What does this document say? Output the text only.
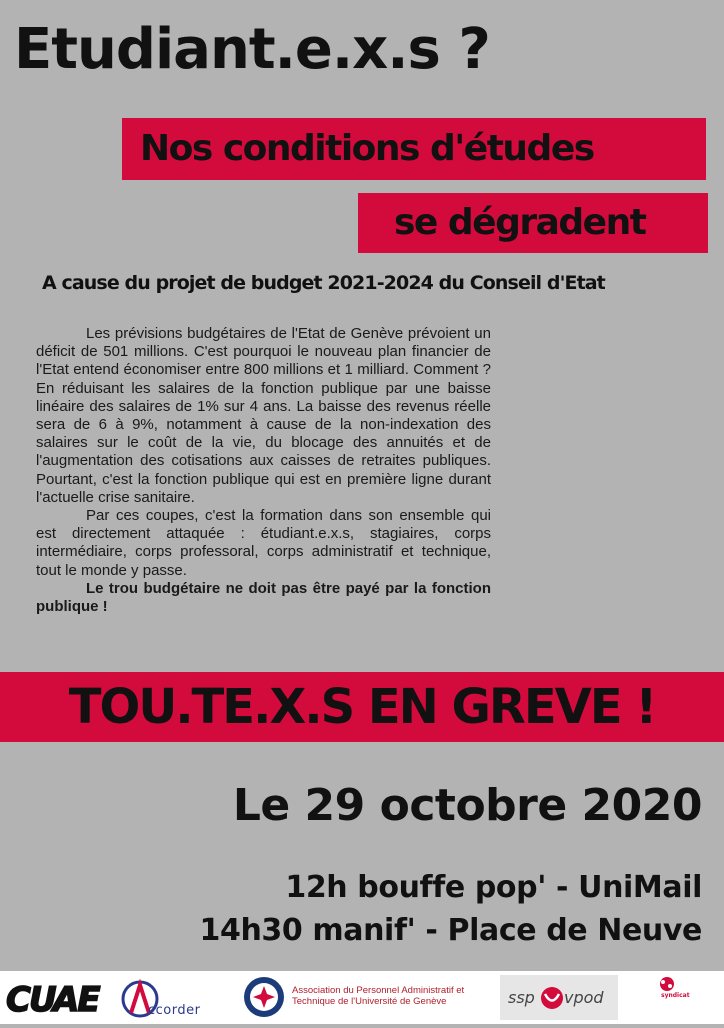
Etudiant.e.x.s ?
Nos conditions d'études
se dégradent
A cause du projet de budget 2021-2024 du Conseil d'Etat

Les prévisions budgétaires de l'Etat de Genève prévoient un déficit de 501 millions. C'est pourquoi le nouveau plan financier de l'Etat entend économiser entre 800 millions et 1 milliard. Comment ? En réduisant les salaires de la fonction publique par une baisse linéaire des salaires de 1% sur 4 ans. La baisse des revenus réelle sera de 6 à 9%, notamment à cause de la non-indexation des salaires sur le coût de la vie, du blocage des annuités et de l'augmentation des cotisations aux caisses de retraites publiques. Pourtant, c'est la fonction publique qui est en première ligne durant l'actuelle crise sanitaire.

Par ces coupes, c'est la formation dans son ensemble qui est directement attaquée : étudiant.e.x.s, stagiaires, corps intermédiaire, corps professoral, corps administratif et technique, tout le monde y passe.

Le trou budgétaire ne doit pas être payé par la fonction publique !

TOU.TE.X.S EN GREVE !
Le 29 octobre 2020
12h bouffe pop' - UniMail
14h30 manif' - Place de Neuve
CUAE	ccorder
Association du Personnel Administratif et Technique de l'Université de Genève	ssp vpod	syndicat
